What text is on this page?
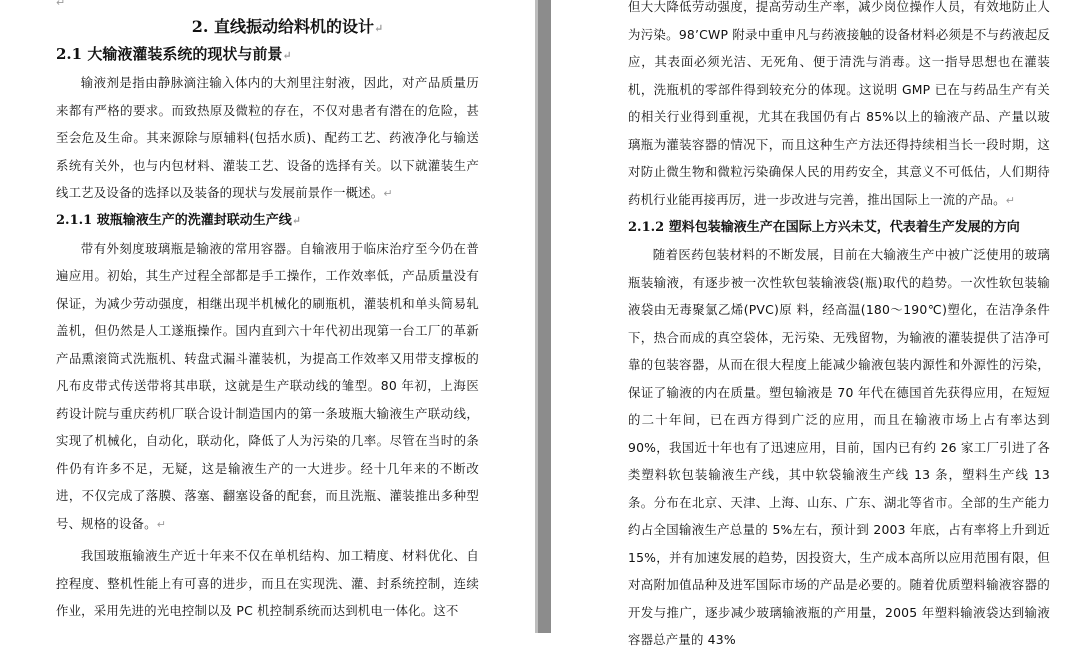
↵

2. 直线振动给料机的设计↵

2.1 大输液灌装系统的现状与前景↵

输液剂是指由静脉滴注输入体内的大剂里注射液，因此，对产品质量历来都有严格的要求。而致热原及微粒的存在，不仅对患者有潜在的危险，甚至会危及生命。其来源除与原辅料(包括水质)、配药工艺、药液净化与输送系统有关外，也与内包材料、灌装工艺、设备的选择有关。以下就灌装生产线工艺及设备的选择以及装备的现状与发展前景作一概述。↵

2.1.1 玻瓶输液生产的洗灌封联动生产线↵

带有外刻度玻璃瓶是输液的常用容器。自输液用于临床治疗至今仍在普遍应用。初始，其生产过程全部都是手工操作，工作效率低，产品质量没有保证，为减少劳动强度，相继出现半机械化的刷瓶机，灌装机和单头简易轧盖机，但仍然是人工遂瓶操作。国内直到六十年代初出现第一台工厂的革新产品熏滚筒式洗瓶机、转盘式漏斗灌装机，为提高工作效率又用带支撑板的凡布皮带式传送带将其串联，这就是生产联动线的雏型。80 年初，上海医药设计院与重庆药机厂联合设计制造国内的第一条玻瓶大输液生产联动线，实现了机械化，自动化，联动化，降低了人为污染的几率。尽管在当时的条件仍有许多不足，无疑，这是输液生产的一大进步。经十几年来的不断改进，不仅完成了落膜、落塞、翻塞设备的配套，而且洗瓶、灌装推出多种型号、规格的设备。↵

我国玻瓶输液生产近十年来不仅在单机结构、加工精度、材料优化、自控程度、整机性能上有可喜的进步，而且在实现洗、灌、封系统控制，连续作业，采用先进的光电控制以及 PC 机控制系统而达到机电一体化。这不

但大大降低劳动强度，提高劳动生产率，减少岗位操作人员，有效地防止人为污染。98’CWP 附录中重申凡与药液接触的设备材料必须是不与药液起反应，其表面必须光洁、无死角、便于清洗与消毒。这一指导思想也在灌装机，洗瓶机的零部件得到较充分的体现。这说明 GMP 已在与药品生产有关的相关行业得到重视，尤其在我国仍有占 85%以上的输液产品、产量以玻璃瓶为灌装容器的情况下，而且这种生产方法还得持续相当长一段时期，这对防止微生物和微粒污染确保人民的用药安全，其意义不可低估，人们期待药机行业能再接再厉，进一步改进与完善，推出国际上一流的产品。↵

2.1.2 塑料包装输液生产在国际上方兴未艾，代表着生产发展的方向

随着医药包装材料的不断发展，目前在大输液生产中被广泛使用的玻璃瓶装输液，有逐步被一次性软包装输液袋(瓶)取代的趋势。一次性软包装输液袋由无毒聚氯乙烯(PVC)原 料，经高温(180～190℃)塑化，在洁净条件下，热合而成的真空袋体，无污染、无残留物，为输液的灌装提供了洁净可靠的包装容器，从而在很大程度上能减少输液包装内源性和外源性的污染，保证了输液的内在质量。塑包输液是 70 年代在德国首先获得应用，在短短的二十年间，已在西方得到广泛的应用，而且在输液市场上占有率达到 90%，我国近十年也有了迅速应用，目前，国内已有约 26 家工厂引进了各类塑料软包装输液生产线，其中软袋输液生产线 13 条，塑料生产线 13 条。分布在北京、天津、上海、山东、广东、湖北等省市。全部的生产能力约占全国输液生产总量的 5%左右，预计到 2003 年底，占有率将上升到近 15%，并有加速发展的趋势，因投资大，生产成本高所以应用范围有限，但对高附加值品种及进军国际市场的产品是必要的。随着优质塑料输液容器的开发与推广，逐步减少玻璃输液瓶的产用量，2005 年塑料输液袋达到输液容器总产量的 43%
